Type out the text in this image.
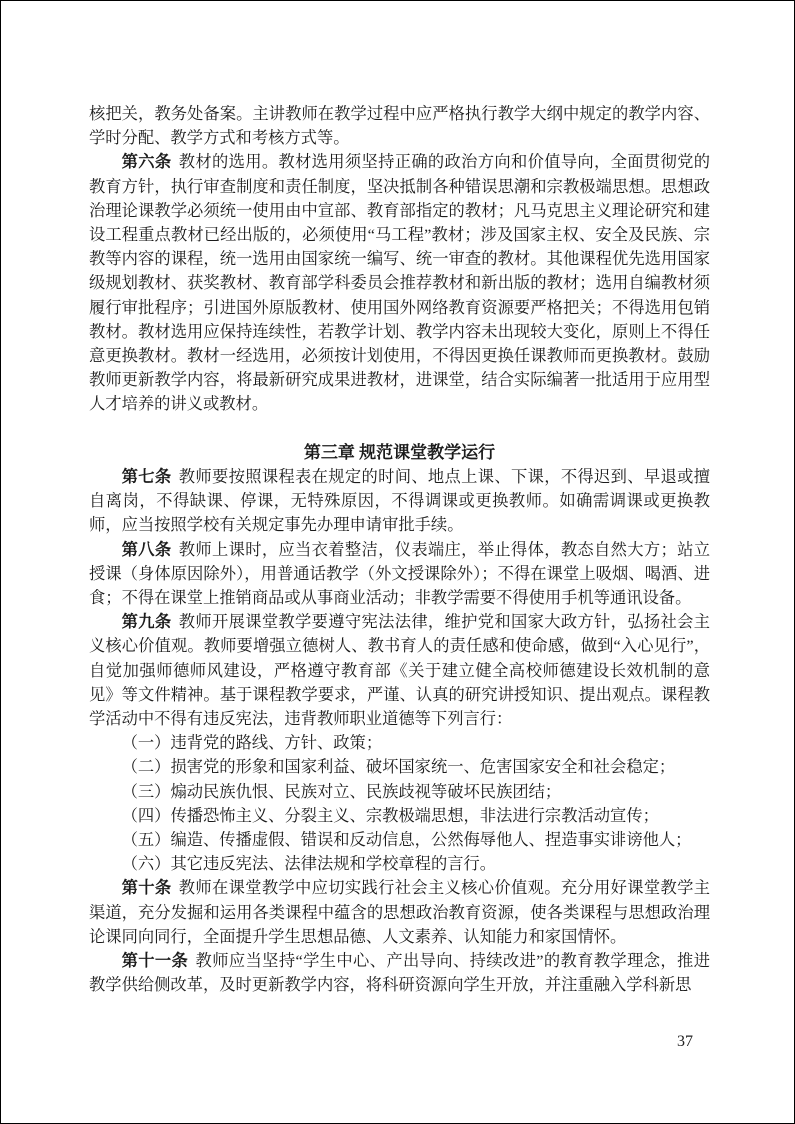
核把关，教务处备案。主讲教师在教学过程中应严格执行教学大纲中规定的教学内容、学时分配、教学方式和考核方式等。

第六条 教材的选用。教材选用须坚持正确的政治方向和价值导向，全面贯彻党的教育方针，执行审查制度和责任制度，坚决抵制各种错误思潮和宗教极端思想。思想政治理论课教学必须统一使用由中宣部、教育部指定的教材；凡马克思主义理论研究和建设工程重点教材已经出版的，必须使用“马工程”教材；涉及国家主权、安全及民族、宗教等内容的课程，统一选用由国家统一编写、统一审查的教材。其他课程优先选用国家级规划教材、获奖教材、教育部学科委员会推荐教材和新出版的教材；选用自编教材须履行审批程序；引进国外原版教材、使用国外网络教育资源要严格把关；不得选用包销教材。教材选用应保持连续性，若教学计划、教学内容未出现较大变化，原则上不得任意更换教材。教材一经选用，必须按计划使用，不得因更换任课教师而更换教材。鼓励教师更新教学内容，将最新研究成果进教材，进课堂，结合实际编著一批适用于应用型人才培养的讲义或教材。

第三章 规范课堂教学运行

第七条 教师要按照课程表在规定的时间、地点上课、下课，不得迟到、早退或擅自离岗，不得缺课、停课，无特殊原因，不得调课或更换教师。如确需调课或更换教师，应当按照学校有关规定事先办理申请审批手续。

第八条 教师上课时，应当衣着整洁，仪表端庄，举止得体，教态自然大方；站立授课（身体原因除外），用普通话教学（外文授课除外）；不得在课堂上吸烟、喝酒、进食；不得在课堂上推销商品或从事商业活动；非教学需要不得使用手机等通讯设备。

第九条 教师开展课堂教学要遵守宪法法律，维护党和国家大政方针，弘扬社会主义核心价值观。教师要增强立德树人、教书育人的责任感和使命感，做到“入心见行”，自觉加强师德师风建设，严格遵守教育部《关于建立健全高校师德建设长效机制的意见》等文件精神。基于课程教学要求，严谨、认真的研究讲授知识、提出观点。课程教学活动中不得有违反宪法，违背教师职业道德等下列言行：

（一）违背党的路线、方针、政策；

（二）损害党的形象和国家利益、破坏国家统一、危害国家安全和社会稳定；

（三）煽动民族仇恨、民族对立、民族歧视等破坏民族团结；

（四）传播恐怖主义、分裂主义、宗教极端思想，非法进行宗教活动宣传；

（五）编造、传播虚假、错误和反动信息，公然侮辱他人、捏造事实诽谤他人；

（六）其它违反宪法、法律法规和学校章程的言行。

第十条 教师在课堂教学中应切实践行社会主义核心价值观。充分用好课堂教学主渠道，充分发掘和运用各类课程中蕴含的思想政治教育资源，使各类课程与思想政治理论课同向同行，全面提升学生思想品德、人文素养、认知能力和家国情怀。

第十一条 教师应当坚持“学生中心、产出导向、持续改进”的教育教学理念，推进教学供给侧改革，及时更新教学内容，将科研资源向学生开放，并注重融入学科新思

37
